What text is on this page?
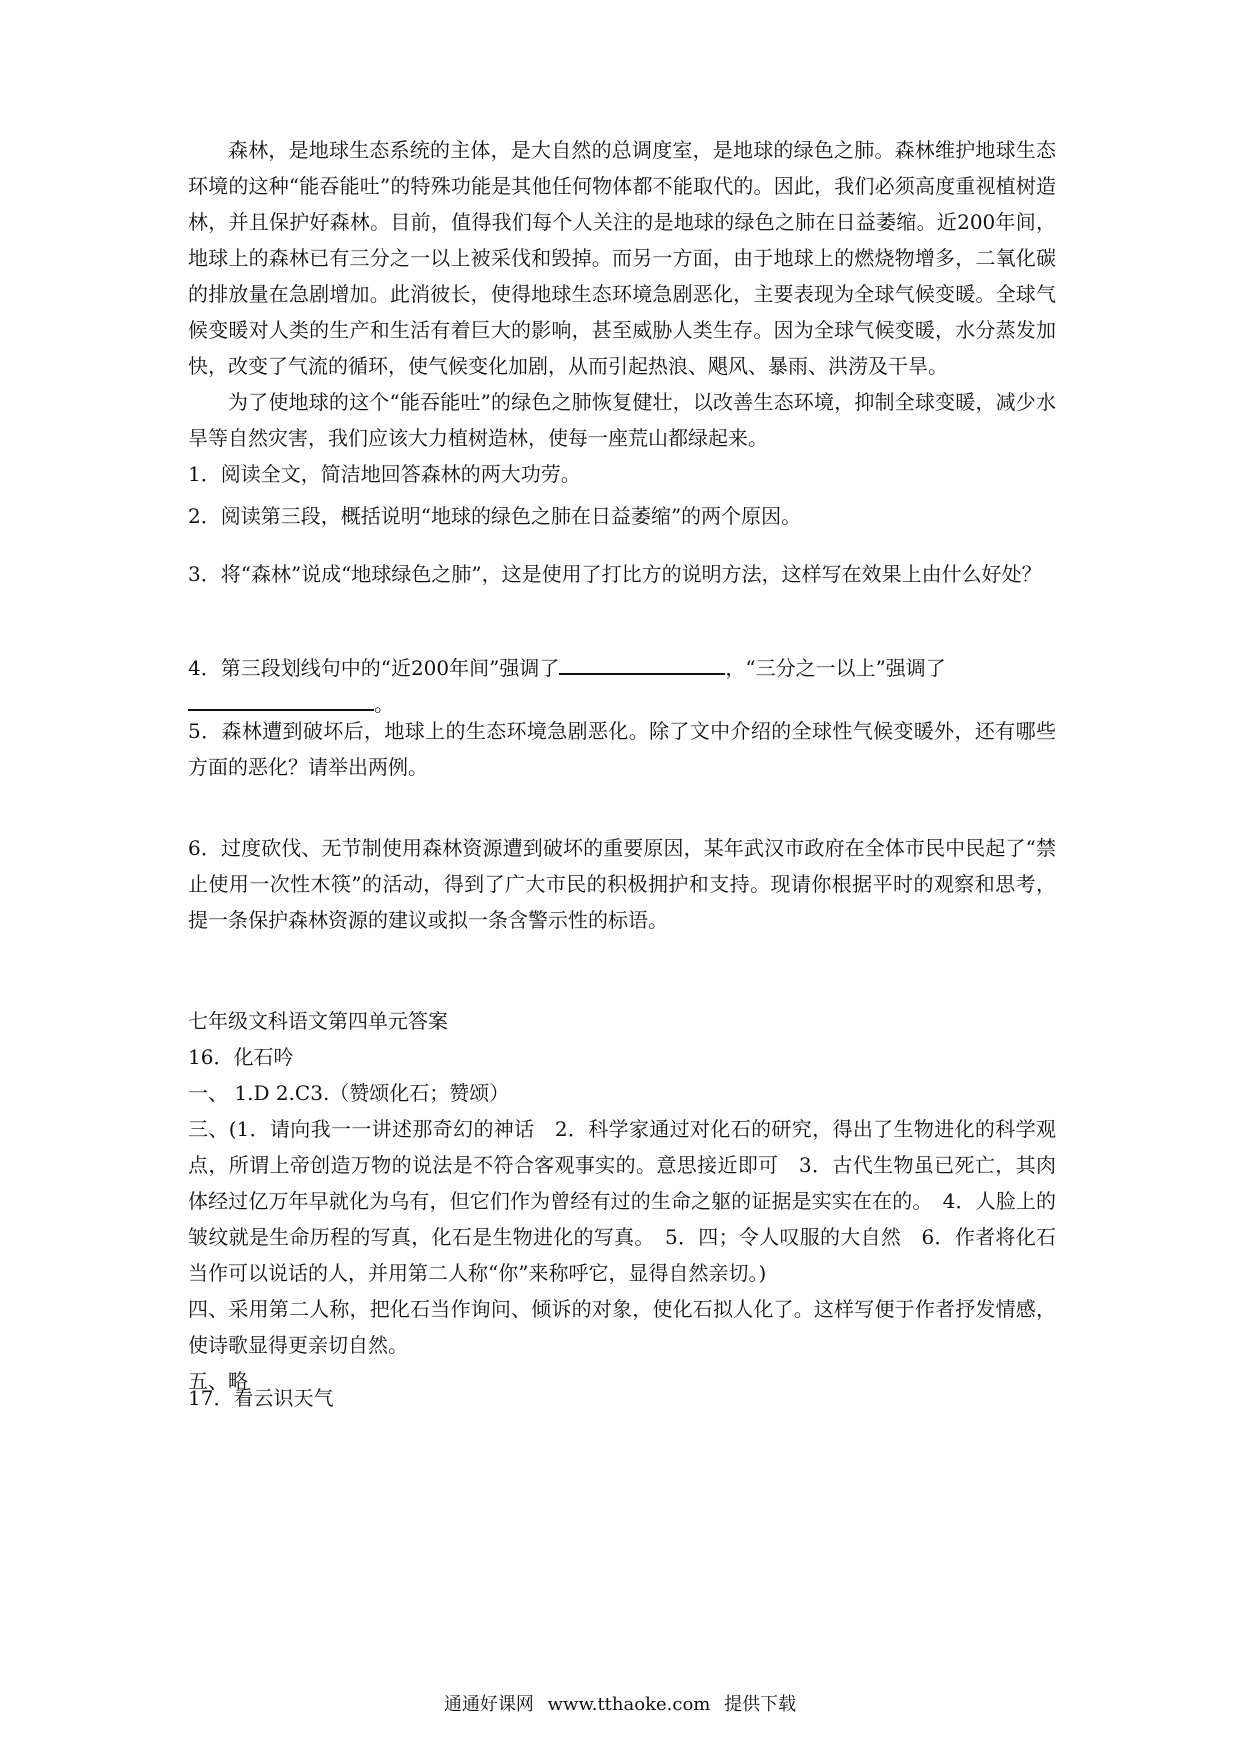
森林，是地球生态系统的主体，是大自然的总调度室，是地球的绿色之肺。森林维护地球生态环境的这种“能吞能吐”的特殊功能是其他任何物体都不能取代的。因此，我们必须高度重视植树造林，并且保护好森林。目前，值得我们每个人关注的是地球的绿色之肺在日益萎缩。近200年间，地球上的森林已有三分之一以上被采伐和毁掉。而另一方面，由于地球上的燃烧物增多，二氧化碳的排放量在急剧增加。此消彼长，使得地球生态环境急剧恶化，主要表现为全球气候变暖。全球气候变暖对人类的生产和生活有着巨大的影响，甚至威胁人类生存。因为全球气候变暖，水分蒸发加快，改变了气流的循环，使气候变化加剧，从而引起热浪、飓风、暴雨、洪涝及干旱。

为了使地球的这个“能吞能吐”的绿色之肺恢复健壮，以改善生态环境，抑制全球变暖，减少水旱等自然灾害，我们应该大力植树造林，使每一座荒山都绿起来。

1．阅读全文，简洁地回答森林的两大功劳。

2．阅读第三段，概括说明“地球的绿色之肺在日益萎缩”的两个原因。

3．将“森林”说成“地球绿色之肺”，这是使用了打比方的说明方法，这样写在效果上由什么好处？

4．第三段划线句中的“近200年间”强调了	，“三分之一以上”强调了

。

5．森林遭到破坏后，地球上的生态环境急剧恶化。除了文中介绍的全球性气候变暖外，还有哪些方面的恶化？请举出两例。

6．过度砍伐、无节制使用森林资源遭到破坏的重要原因，某年武汉市政府在全体市民中民起了“禁止使用一次性木筷”的活动，得到了广大市民的积极拥护和支持。现请你根据平时的观察和思考，提一条保护森林资源的建议或拟一条含警示性的标语。

七年级文科语文第四单元答案

16．化石吟

一、 1.D 2.C3.（赞颂化石；赞颂）

三、(1．请向我一一讲述那奇幻的神话　2．科学家通过对化石的研究，得出了生物进化的科学观点，所谓上帝创造万物的说法是不符合客观事实的。意思接近即可　3．古代生物虽已死亡，其肉体经过亿万年早就化为乌有，但它们作为曾经有过的生命之躯的证据是实实在在的。　4．人脸上的皱纹就是生命历程的写真，化石是生物进化的写真。　5．四；令人叹服的大自然　6．作者将化石当作可以说话的人，并用第二人称“你”来称呼它，显得自然亲切。)

四、采用第二人称，把化石当作询问、倾诉的对象，使化石拟人化了。这样写便于作者抒发情感，使诗歌显得更亲切自然。

五、略

17．看云识天气

通通好课网 www.tthaoke.com 提供下载
